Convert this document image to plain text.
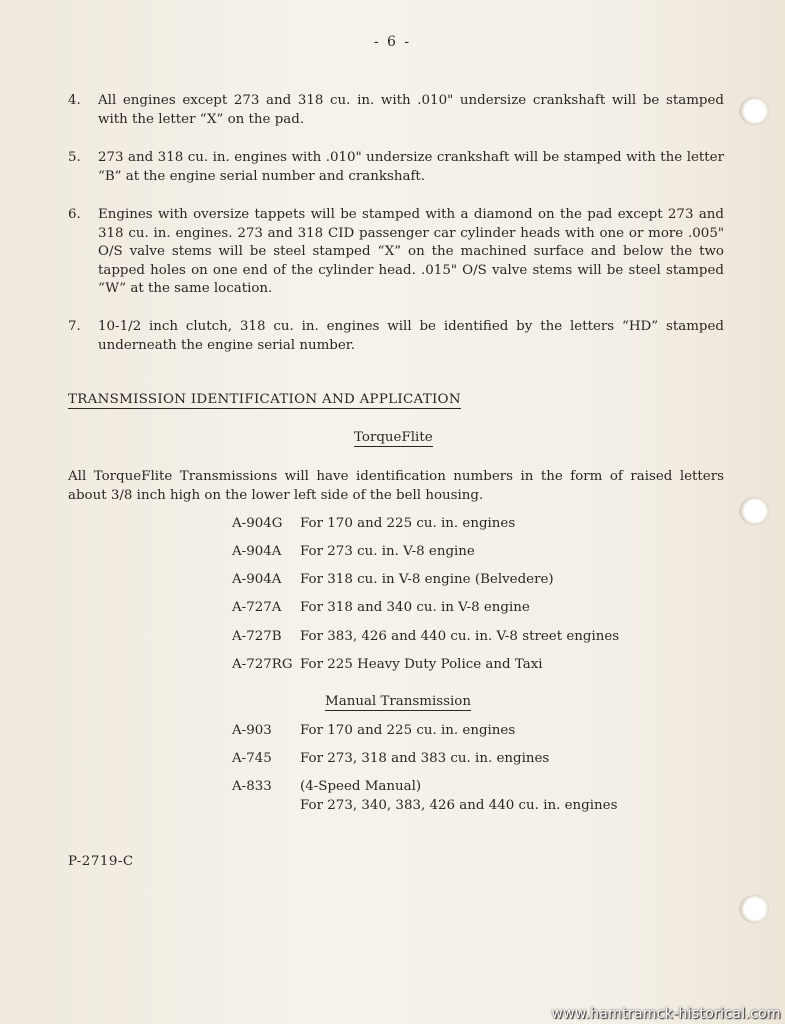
- 6 -
4. All engines except 273 and 318 cu. in. with .010" undersize crankshaft will be stamped with the letter “X” on the pad.
5. 273 and 318 cu. in. engines with .010" undersize crankshaft will be stamped with the letter “B” at the engine serial number and crankshaft.
6. Engines with oversize tappets will be stamped with a diamond on the pad except 273 and 318 cu. in. engines. 273 and 318 CID passenger car cylinder heads with one or more .005" O/S valve stems will be steel stamped “X” on the machined surface and below the two tapped holes on one end of the cylinder head. .015" O/S valve stems will be steel stamped “W” at the same location.
7. 10-1/2 inch clutch, 318 cu. in. engines will be identified by the letters “HD” stamped underneath the engine serial number.
TRANSMISSION IDENTIFICATION AND APPLICATION
TorqueFlite
All TorqueFlite Transmissions will have identification numbers in the form of raised letters about 3/8 inch high on the lower left side of the bell housing.
A-904G For 170 and 225 cu. in. engines
A-904A For 273 cu. in. V-8 engine
A-904A For 318 cu. in V-8 engine (Belvedere)
A-727A For 318 and 340 cu. in V-8 engine
A-727B For 383, 426 and 440 cu. in. V-8 street engines
A-727RG For 225 Heavy Duty Police and Taxi
Manual Transmission
A-903 For 170 and 225 cu. in. engines
A-745 For 273, 318 and 383 cu. in. engines
A-833 (4-Speed Manual)
For 273, 340, 383, 426 and 440 cu. in. engines
P-2719-C
www.hamtramck-historical.com
